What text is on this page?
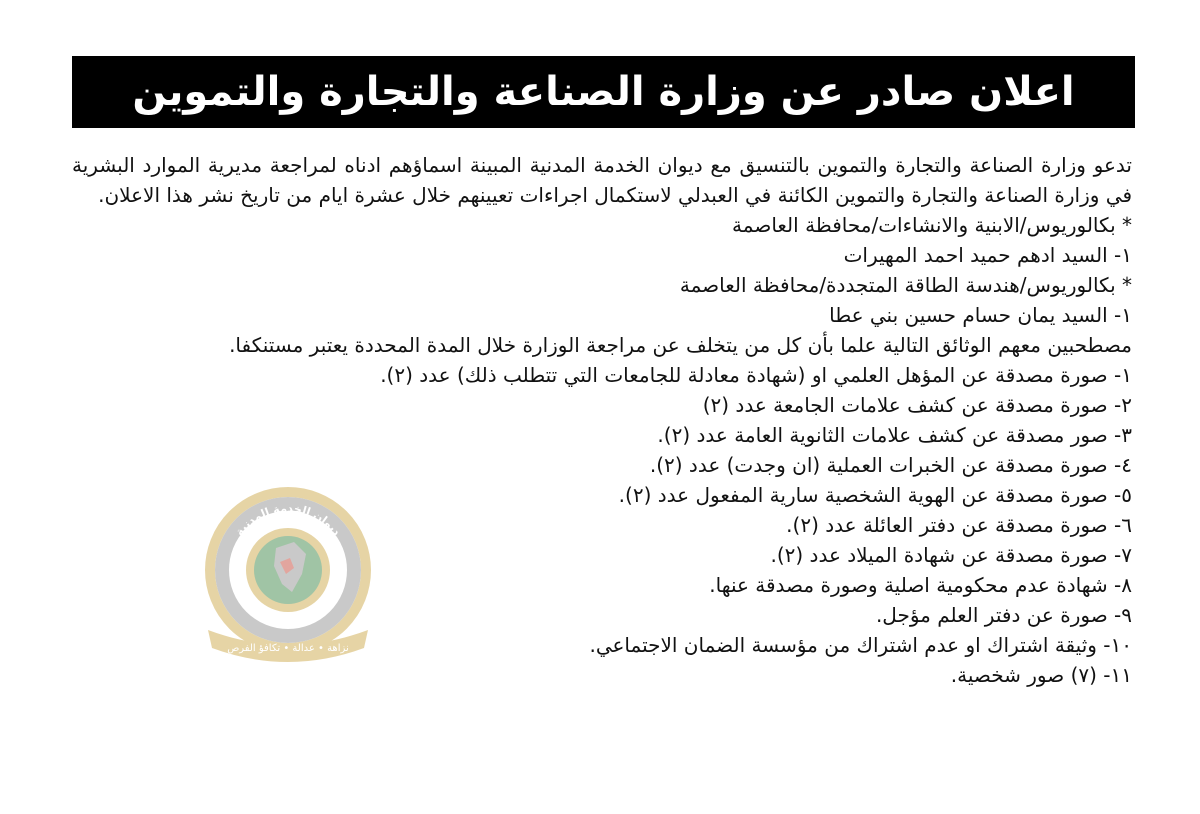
اعلان صادر عن وزارة الصناعة والتجارة والتموين

تدعو وزارة الصناعة والتجارة والتموين بالتنسيق مع ديوان الخدمة المدنية المبينة اسماؤهم ادناه لمراجعة مديرية الموارد البشرية في وزارة الصناعة والتجارة والتموين الكائنة في العبدلي لاستكمال اجراءات تعيينهم خلال عشرة ايام من تاريخ نشر هذا الاعلان.

* بكالوريوس/الابنية والانشاءات/محافظة العاصمة

١- السيد ادهم حميد احمد المهيرات

* بكالوريوس/هندسة الطاقة المتجددة/محافظة العاصمة

١- السيد يمان حسام حسين بني عطا

مصطحبين معهم الوثائق التالية علما بأن كل من يتخلف عن مراجعة الوزارة خلال المدة المحددة يعتبر مستنكفا.

١- صورة مصدقة عن المؤهل العلمي او (شهادة معادلة للجامعات التي تتطلب ذلك) عدد (٢).

٢- صورة مصدقة عن كشف علامات الجامعة عدد (٢)

٣- صور مصدقة عن كشف علامات الثانوية العامة عدد (٢).

٤- صورة مصدقة عن الخبرات العملية (ان وجدت) عدد (٢).

٥- صورة مصدقة عن الهوية الشخصية سارية المفعول عدد (٢).

٦- صورة مصدقة عن دفتر العائلة عدد (٢).

٧- صورة مصدقة عن شهادة الميلاد عدد (٢).

٨- شهادة عدم محكومية اصلية وصورة مصدقة عنها.

٩- صورة عن دفتر العلم مؤجل.

١٠- وثيقة اشتراك او عدم اشتراك من مؤسسة الضمان الاجتماعي.

١١- (٧) صور شخصية.

ديوان الخدمة المدنية
CIVIL SERVICE BUREAU
نزاهة • عدالة • تكافؤ الفرص
